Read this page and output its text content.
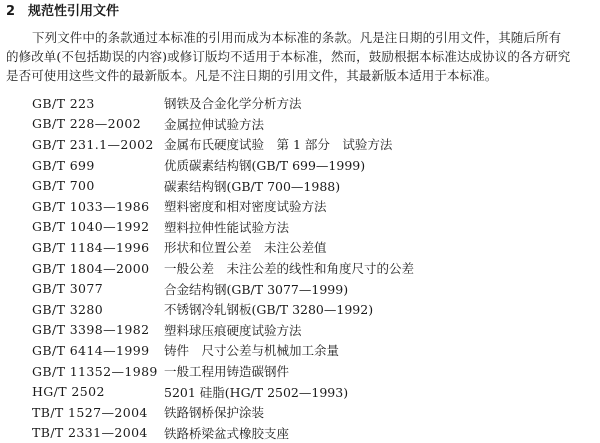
2 规范性引用文件
下列文件中的条款通过本标准的引用而成为本标准的条款。凡是注日期的引用文件，其随后所有
的修改单(不包括勘误的内容)或修订版均不适用于本标准，然而，鼓励根据本标准达成协议的各方研究
是否可使用这些文件的最新版本。凡是不注日期的引用文件，其最新版本适用于本标准。
GB/T 223	钢铁及合金化学分析方法
GB/T 228—2002	金属拉伸试验方法
GB/T 231.1—2002 金属布氏硬度试验　第 1 部分　试验方法
GB/T 699	优质碳素结构钢(GB/T 699—1999)
GB/T 700	碳素结构钢(GB/T 700—1988)
GB/T 1033—1986	塑料密度和相对密度试验方法
GB/T 1040—1992	塑料拉伸性能试验方法
GB/T 1184—1996	形状和位置公差　未注公差值
GB/T 1804—2000	一般公差　未注公差的线性和角度尺寸的公差
GB/T 3077	合金结构钢(GB/T 3077—1999)
GB/T 3280	不锈钢冷轧钢板(GB/T 3280—1992)
GB/T 3398—1982	塑料球压痕硬度试验方法
GB/T 6414—1999	铸件　尺寸公差与机械加工余量
GB/T 11352—1989 一般工程用铸造碳钢件
HG/T 2502	5201 硅脂(HG/T 2502—1993)
TB/T 1527—2004	铁路钢桥保护涂装
TB/T 2331—2004	铁路桥梁盆式橡胶支座
